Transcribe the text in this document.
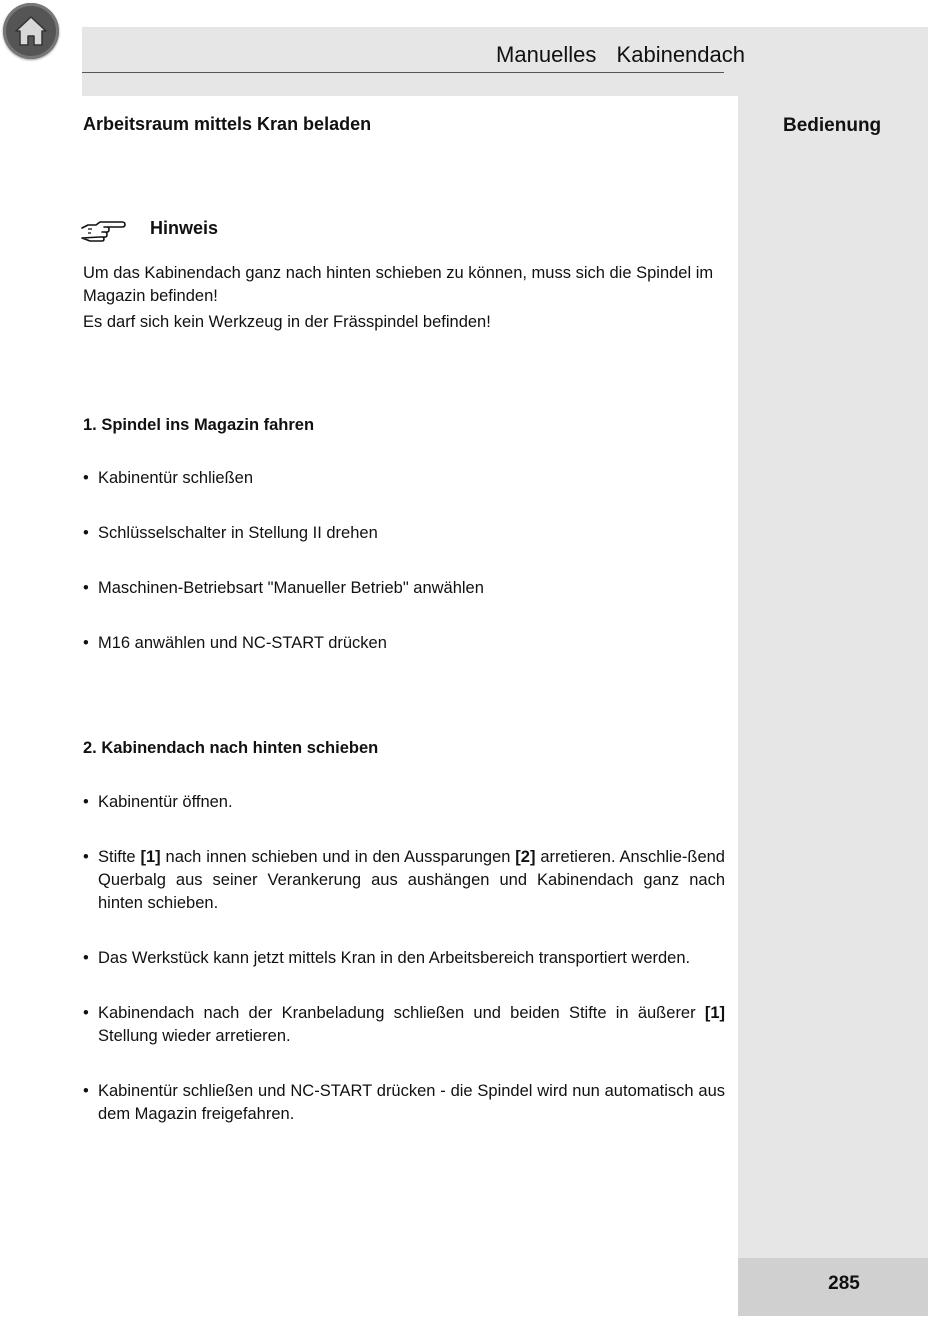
Manuelles  Kabinendach
Bedienung
285
Arbeitsraum mittels Kran beladen
Hinweis

Um das Kabinendach ganz nach hinten schieben zu können, muss sich die Spindel im Magazin befinden!

Es darf sich kein Werkzeug in der Frässpindel befinden!

1. Spindel ins Magazin fahren
• Kabinentür schließen
• Schlüsselschalter in Stellung II drehen
• Maschinen-Betriebsart "Manueller Betrieb" anwählen
• M16 anwählen und NC-START drücken
2. Kabinendach nach hinten schieben
• Kabinentür öffnen.
• Stifte [1] nach innen schieben und in den Aussparungen [2] arretieren. Anschlie-ßend Querbalg aus seiner Verankerung aus aushängen und Kabinendach ganz nach hinten schieben.
• Das Werkstück kann jetzt mittels Kran in den Arbeitsbereich transportiert werden.
• Kabinendach nach der Kranbeladung schließen und beiden Stifte in äußerer [1] Stellung wieder arretieren.
• Kabinentür schließen und NC-START drücken - die Spindel wird nun automatisch aus dem Magazin freigefahren.
